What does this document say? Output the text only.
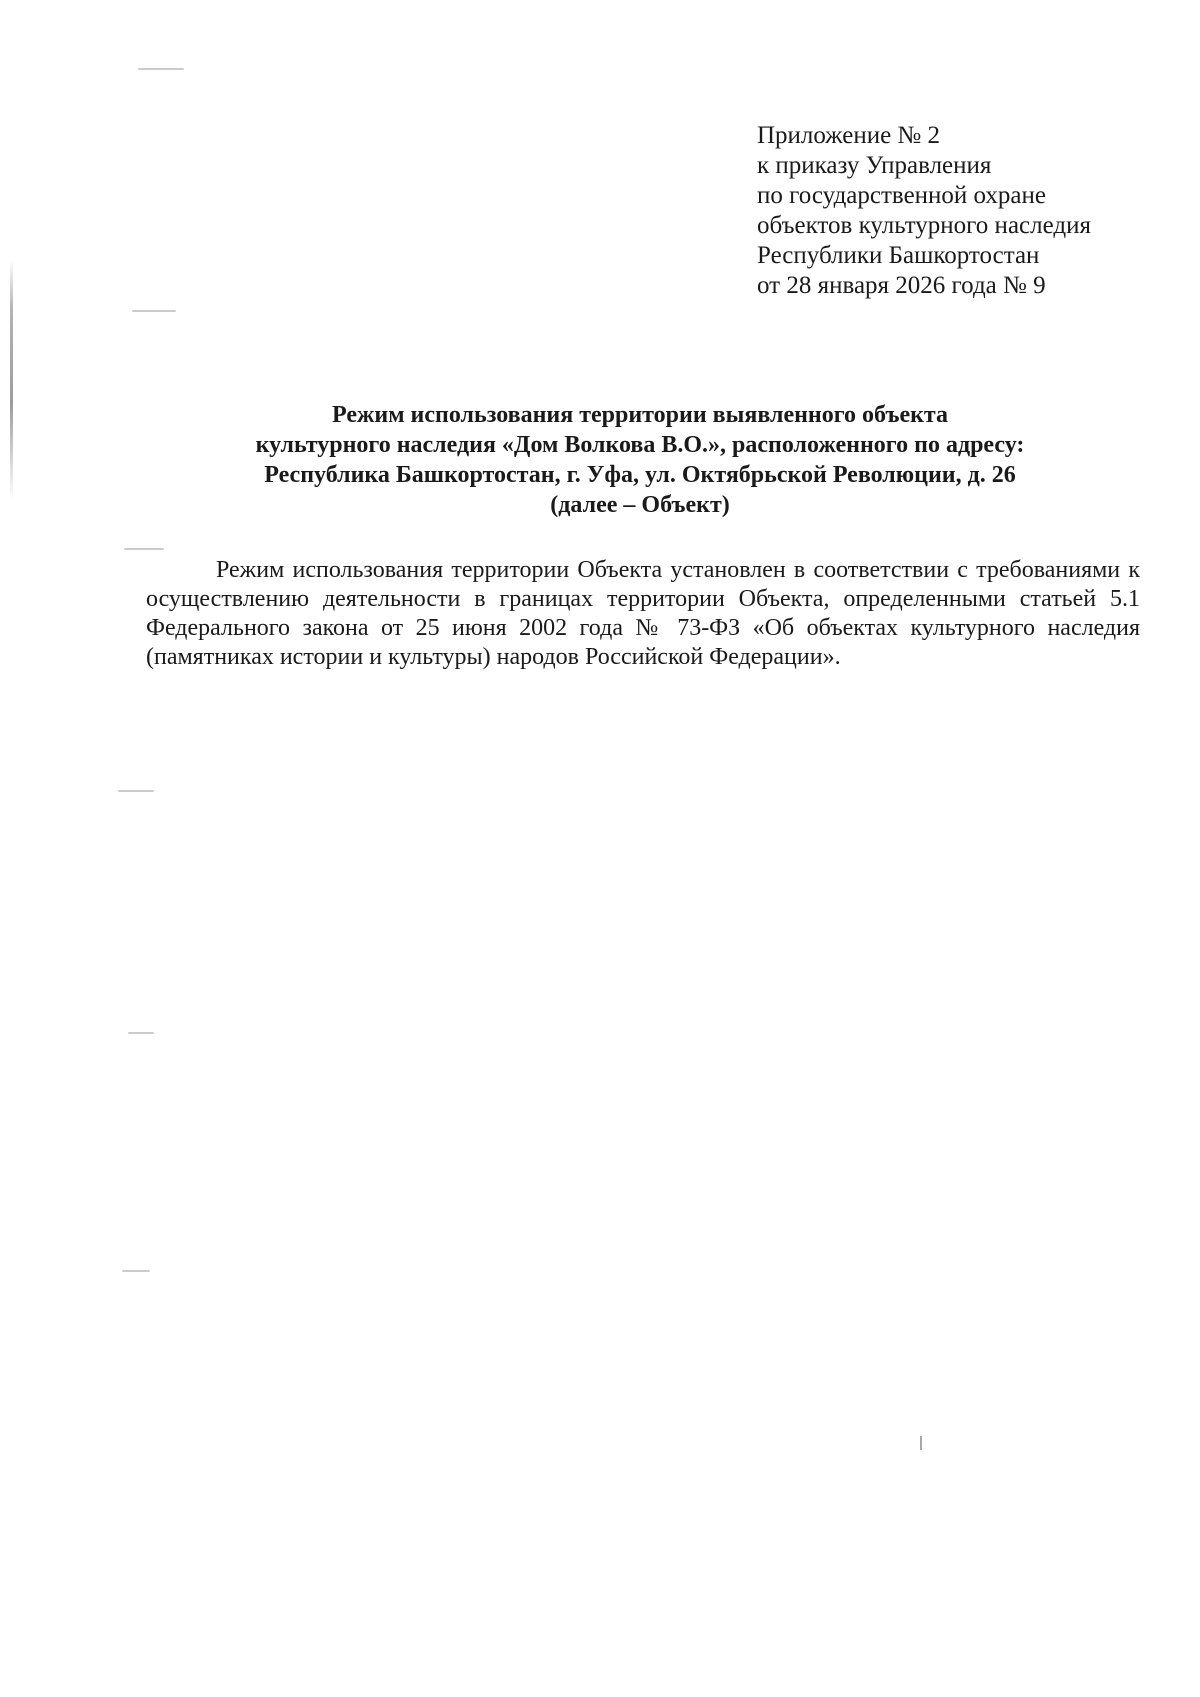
Приложение № 2
к приказу Управления
по государственной охране
объектов культурного наследия
Республики Башкортостан
от 28 января 2026 года № 9
Режим использования территории выявленного объекта
культурного наследия «Дом Волкова В.О.», расположенного по адресу:
Республика Башкортостан, г. Уфа, ул. Октябрьской Революции, д. 26
(далее – Объект)

Режим использования территории Объекта установлен в соответствии с требованиями к осуществлению деятельности в границах территории Объекта, определенными статьей 5.1 Федерального закона от 25 июня 2002 года № 73-ФЗ «Об объектах культурного наследия (памятниках истории и культуры) народов Российской Федерации».
